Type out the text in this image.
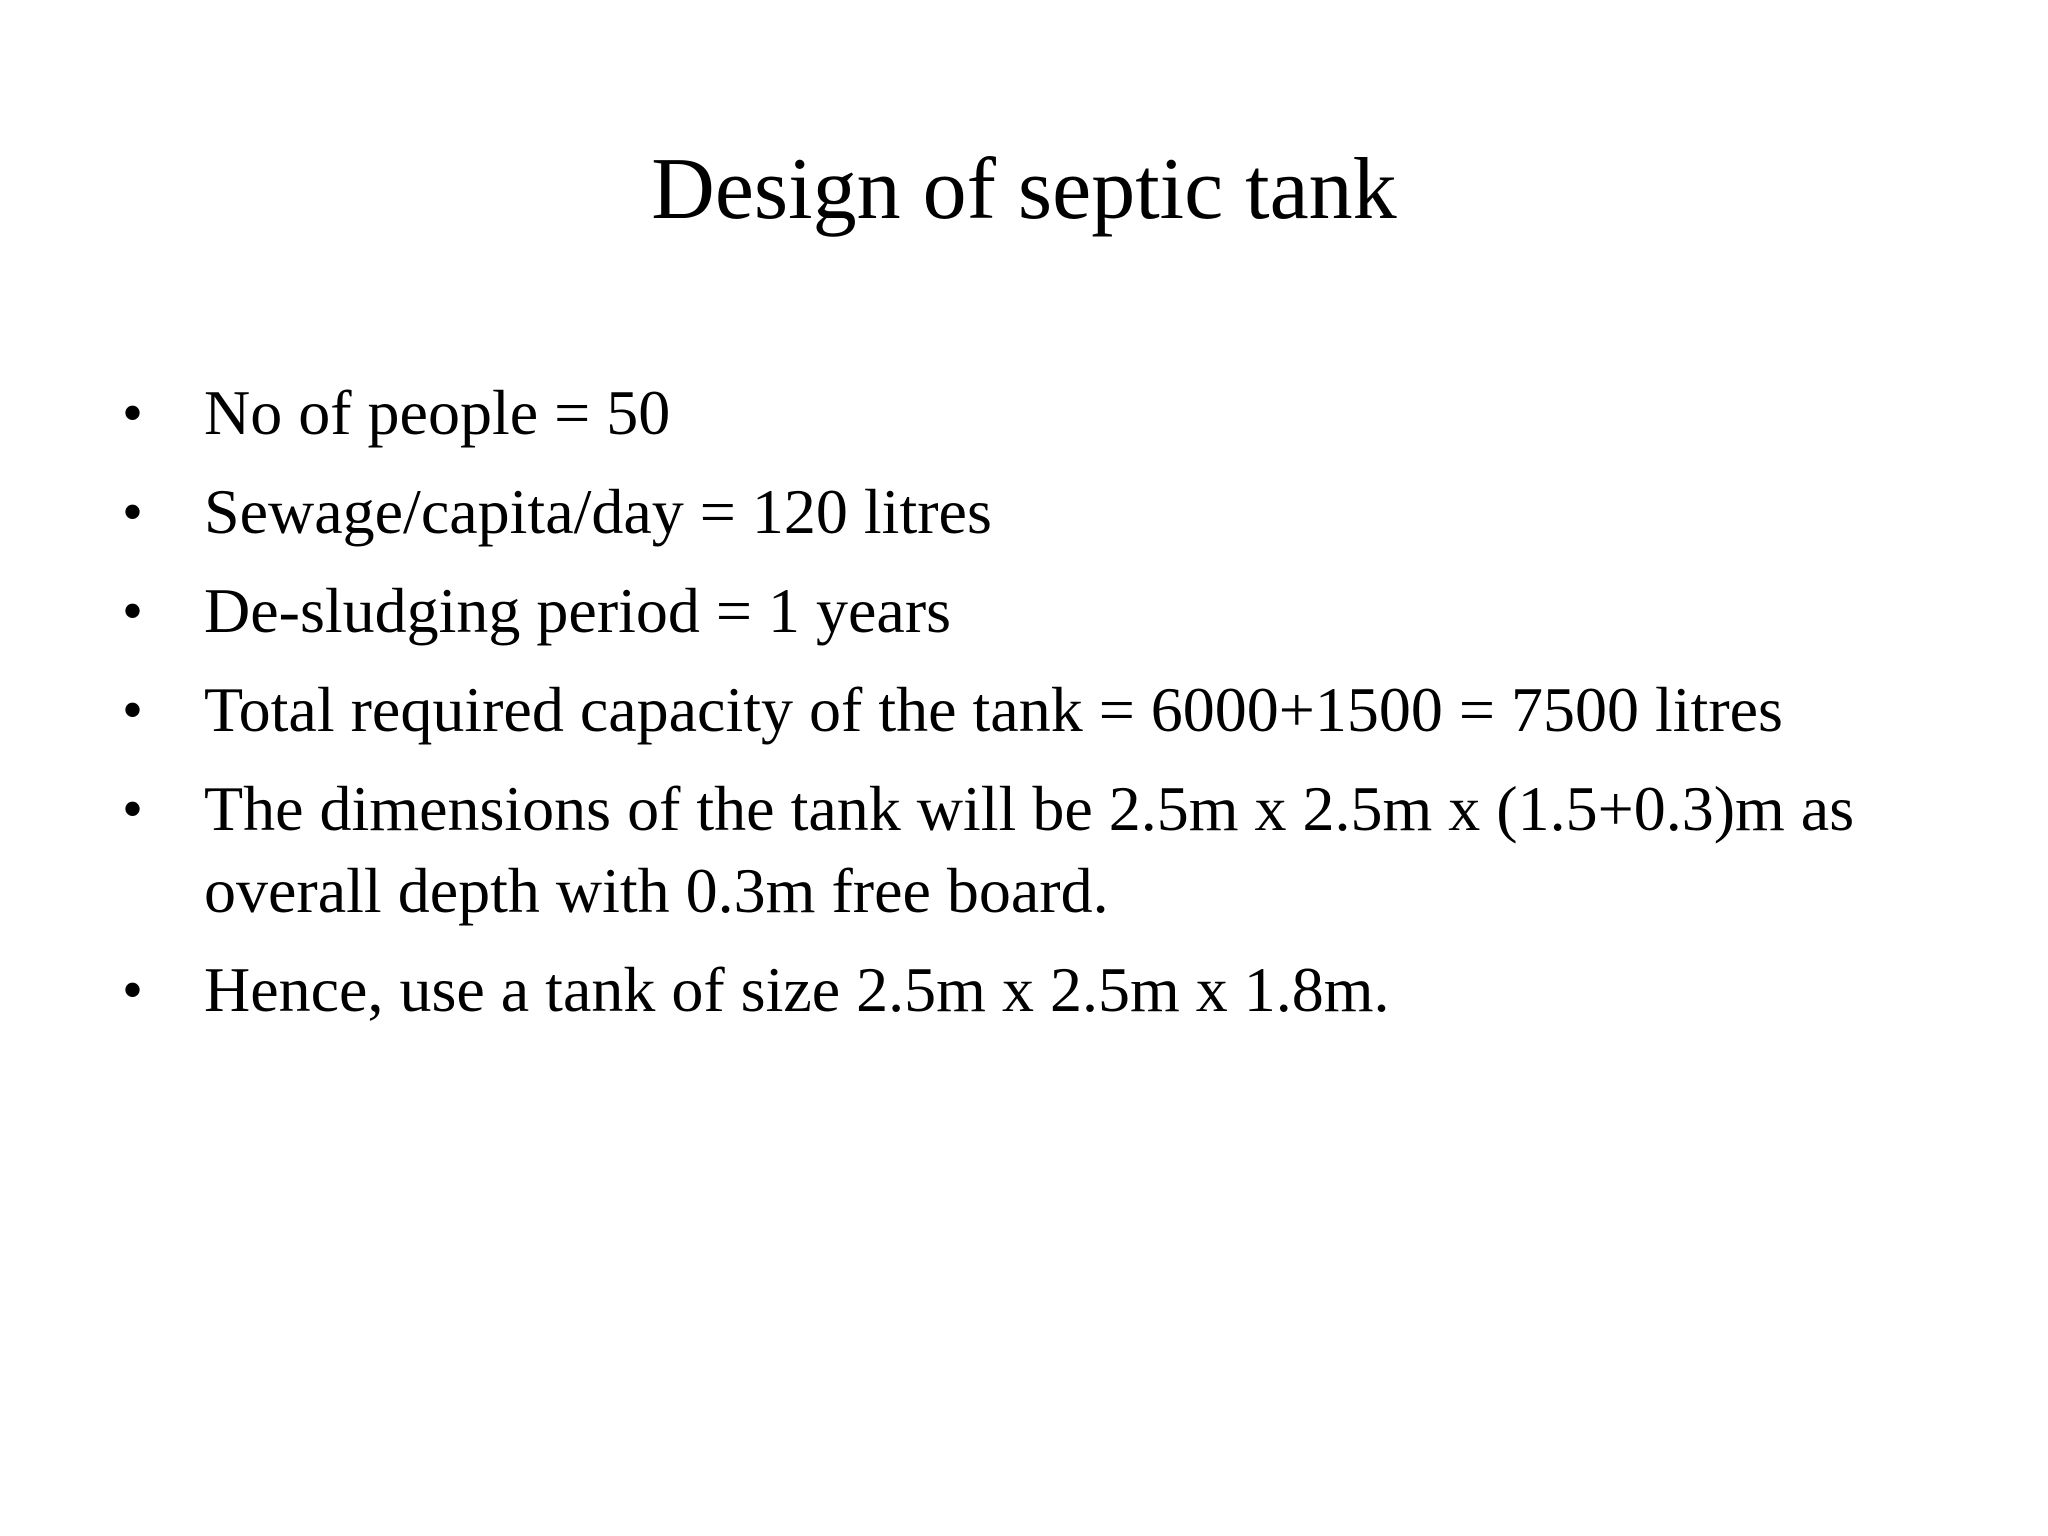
Design of septic tank
• No of people = 50
• Sewage/capita/day = 120 litres
• De-sludging period = 1 years
• Total required capacity of the tank = 6000+1500 = 7500 litres
• The dimensions of the tank will be 2.5m x 2.5m x (1.5+0.3)m as overall depth with 0.3m free board.
• Hence, use a tank of size 2.5m x 2.5m x 1.8m.
